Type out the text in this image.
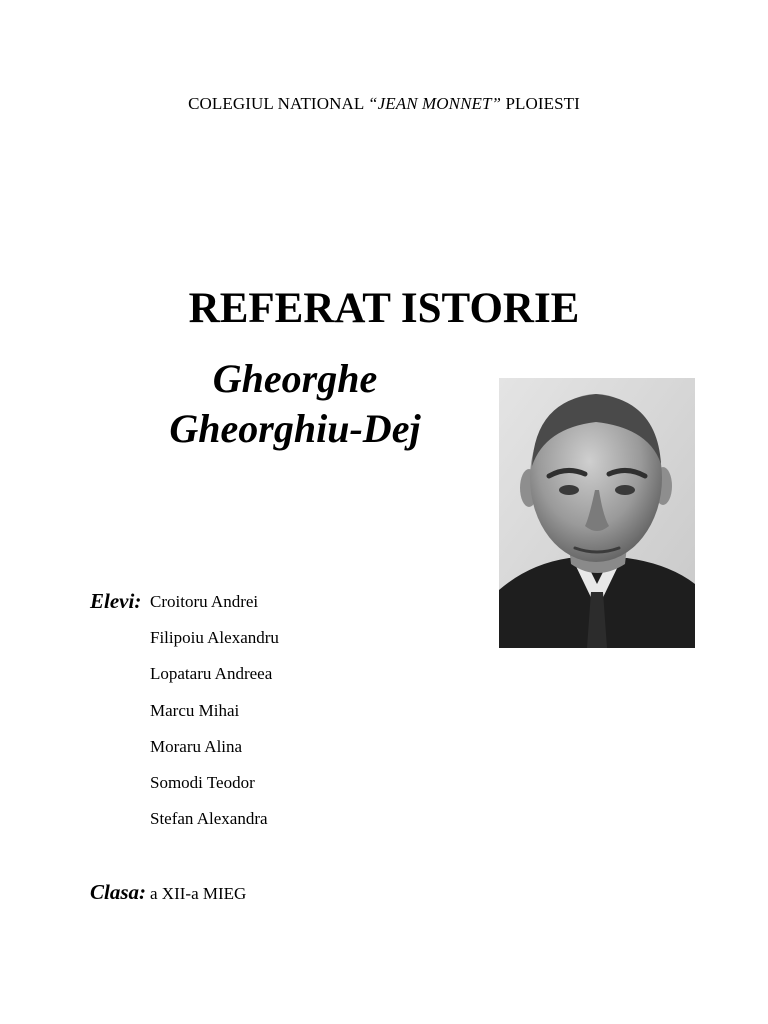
COLEGIUL NATIONAL “JEAN MONNET” PLOIESTI
REFERAT ISTORIE
Gheorghe
Gheorghiu-Dej
Elevi: Croitoru Andrei
Filipoiu Alexandru
Lopataru Andreea
Marcu Mihai
Moraru Alina
Somodi Teodor
Stefan Alexandra
Clasa: a XII-a MIEG
